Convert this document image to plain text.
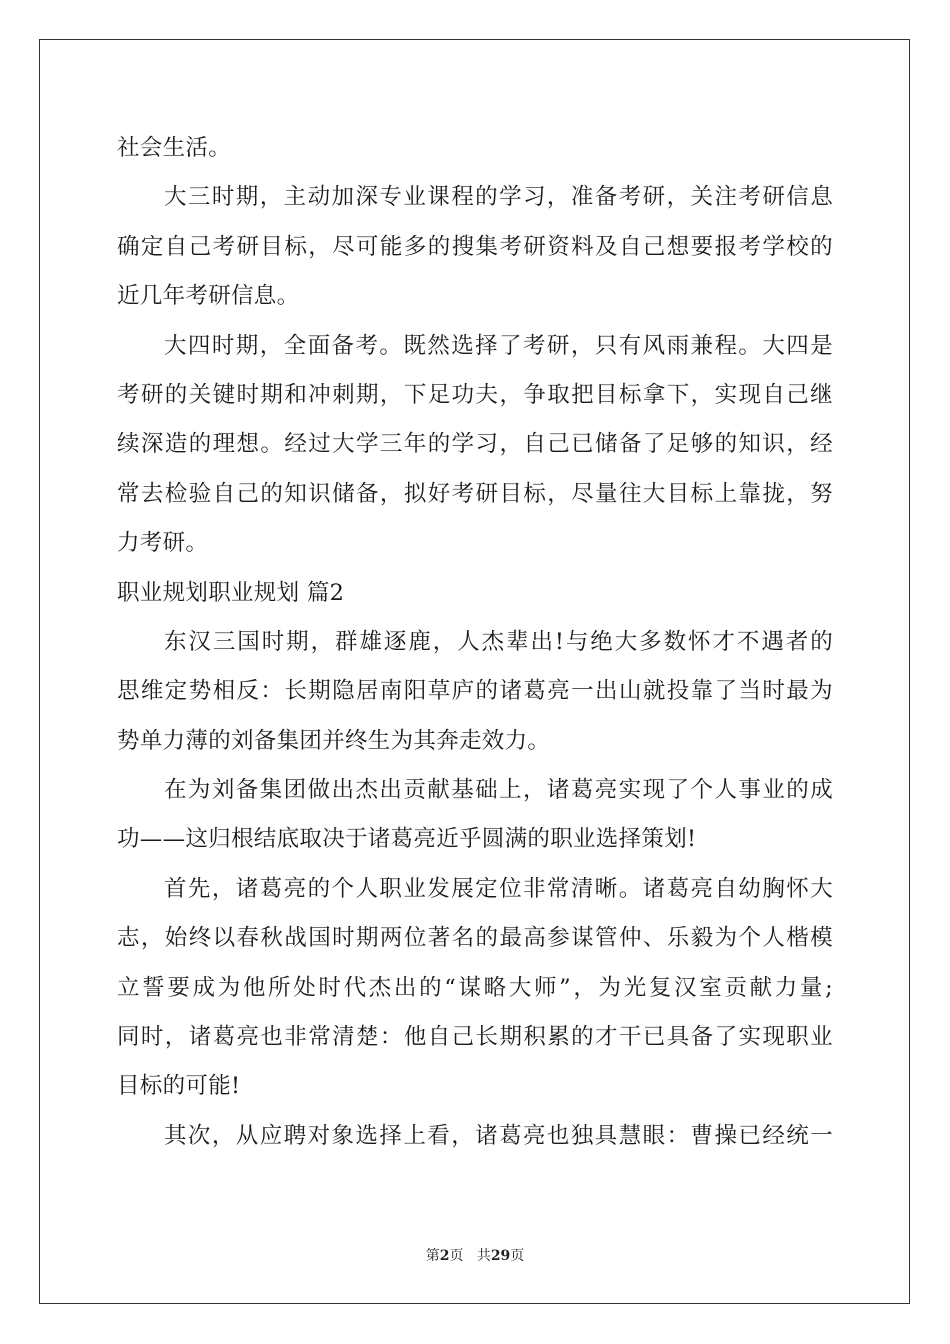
社会生活。
大三时期，主动加深专业课程的学习，准备考研，关注考研信息
确定自己考研目标，尽可能多的搜集考研资料及自己想要报考学校的
近几年考研信息。
大四时期，全面备考。既然选择了考研，只有风雨兼程。大四是
考研的关键时期和冲刺期，下足功夫，争取把目标拿下，实现自己继
续深造的理想。经过大学三年的学习，自己已储备了足够的知识，经
常去检验自己的知识储备，拟好考研目标，尽量往大目标上靠拢，努
力考研。
职业规划职业规划 篇2
东汉三国时期，群雄逐鹿，人杰辈出!与绝大多数怀才不遇者的
思维定势相反：长期隐居南阳草庐的诸葛亮一出山就投靠了当时最为
势单力薄的刘备集团并终生为其奔走效力。
在为刘备集团做出杰出贡献基础上，诸葛亮实现了个人事业的成
功——这归根结底取决于诸葛亮近乎圆满的职业选择策划!
首先，诸葛亮的个人职业发展定位非常清晰。诸葛亮自幼胸怀大
志，始终以春秋战国时期两位著名的最高参谋管仲、乐毅为个人楷模
立誓要成为他所处时代杰出的“谋略大师”，为光复汉室贡献力量;
同时，诸葛亮也非常清楚：他自己长期积累的才干已具备了实现职业
目标的可能!
其次，从应聘对象选择上看，诸葛亮也独具慧眼：曹操已经统一
第2页 共29页
